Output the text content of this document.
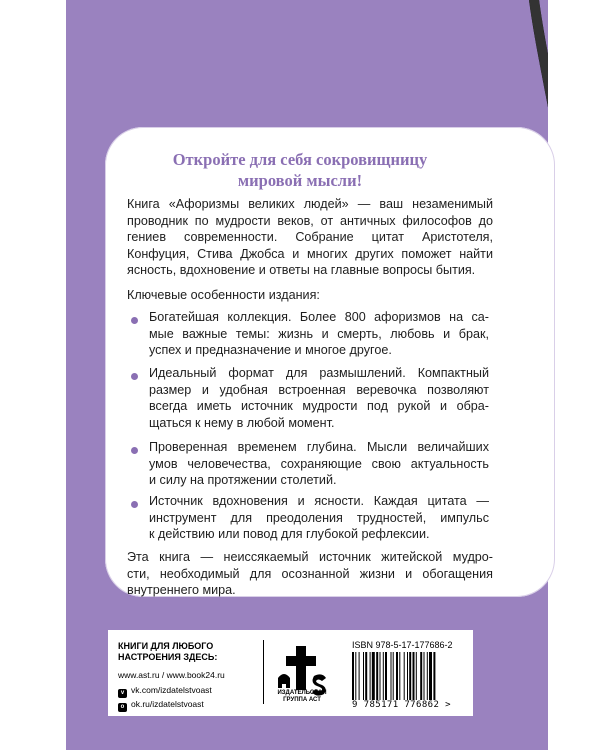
Откройте для себя сокровищницу
мировой мысли!
Книга «Афоризмы великих людей» — ваш незаменимый
проводник по мудрости веков, от античных философов до
гениев современности. Собрание цитат Аристотеля,
Конфуция, Стива Джобса и многих других поможет найти
ясность, вдохновение и ответы на главные вопросы бытия.
Ключевые особенности издания:
Богатейшая коллекция. Более 800 афоризмов на са-
мые важные темы: жизнь и смерть, любовь и брак,
успех и предназначение и многое другое.
Идеальный формат для размышлений. Компактный
размер и удобная встроенная веревочка позволяют
всегда иметь источник мудрости под рукой и обра-
щаться к нему в любой момент.
Проверенная временем глубина. Мысли величайших
умов человечества, сохраняющие свою актуальность
и силу на протяжении столетий.
Источник вдохновения и ясности. Каждая цитата —
инструмент для преодоления трудностей, импульс
к действию или повод для глубокой рефлексии.
Эта книга — неиссякаемый источник житейской мудро-
сти, необходимый для осознанной жизни и обогащения
внутреннего мира.
КНИГИ ДЛЯ ЛЮБОГО
НАСТРОЕНИЯ ЗДЕСЬ:
www.ast.ru / www.book24.ru
v vk.com/izdatelstvoast
o ok.ru/izdatelstvoast
ИЗДАТЕЛЬСКАЯ
ГРУППА АСТ
ISBN 978-5-17-177686-2
9 785171 776862 >
